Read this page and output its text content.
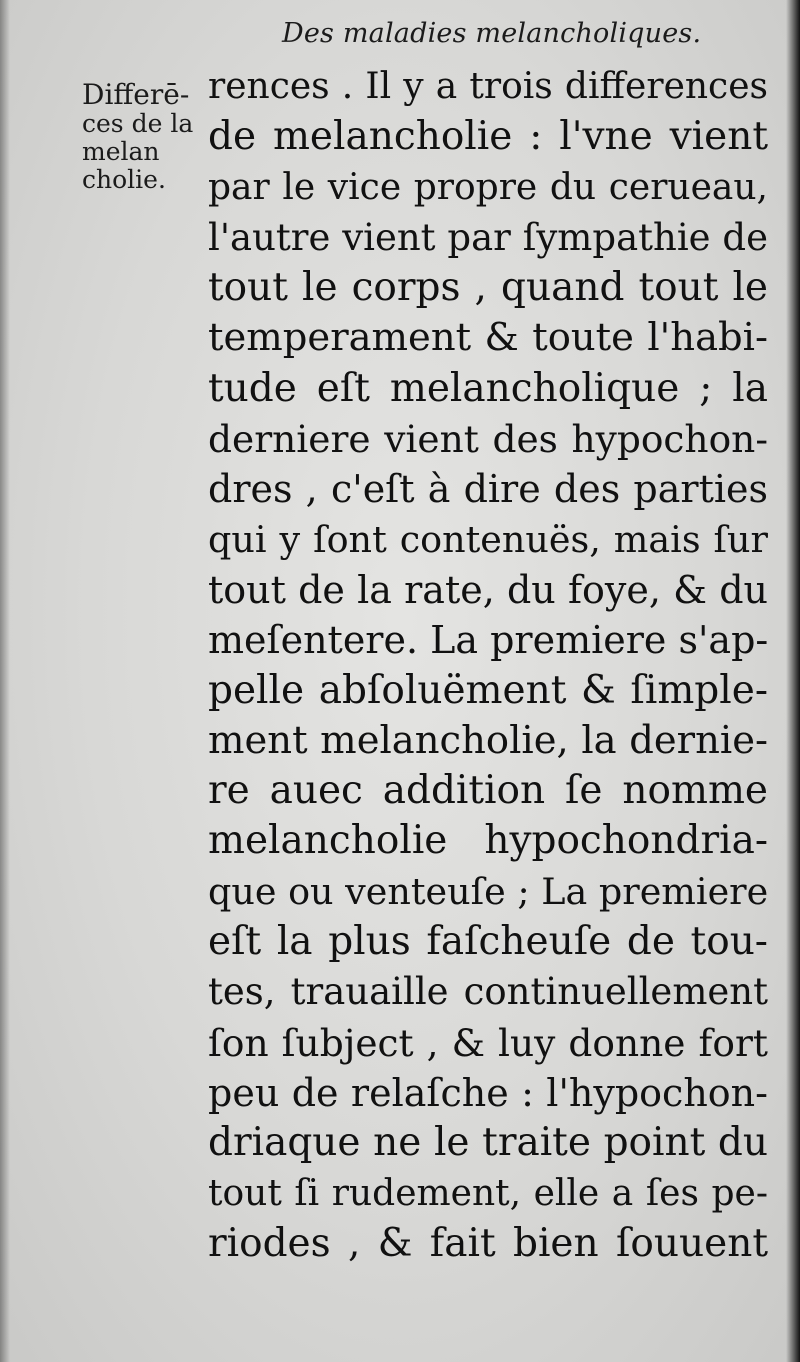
Des maladies melancholiques.
Differē-
ces de la
melan
cholie.
rences . Il y a trois differences
de melancholie : l'vne vient
par le vice propre du cerueau,
l'autre vient par ſympathie de
tout le corps , quand tout le
temperament & toute l'habi-
tude eſt melancholique ; la
derniere vient des hypochon-
dres , c'eſt à dire des parties
qui y ſont contenuës, mais ſur
tout de la rate, du foye, & du
meſentere. La premiere s'ap-
pelle abſoluëment & ſimple-
ment melancholie, la dernie-
re auec addition ſe nomme
melancholie hypochondria-
que ou venteuſe ; La premiere
eſt la plus faſcheuſe de tou-
tes, trauaille continuellement
ſon ſubject , & luy donne fort
peu de relaſche : l'hypochon-
driaque ne le traite point du
tout ſi rudement, elle a ſes pe-
riodes , & fait bien ſouuent
